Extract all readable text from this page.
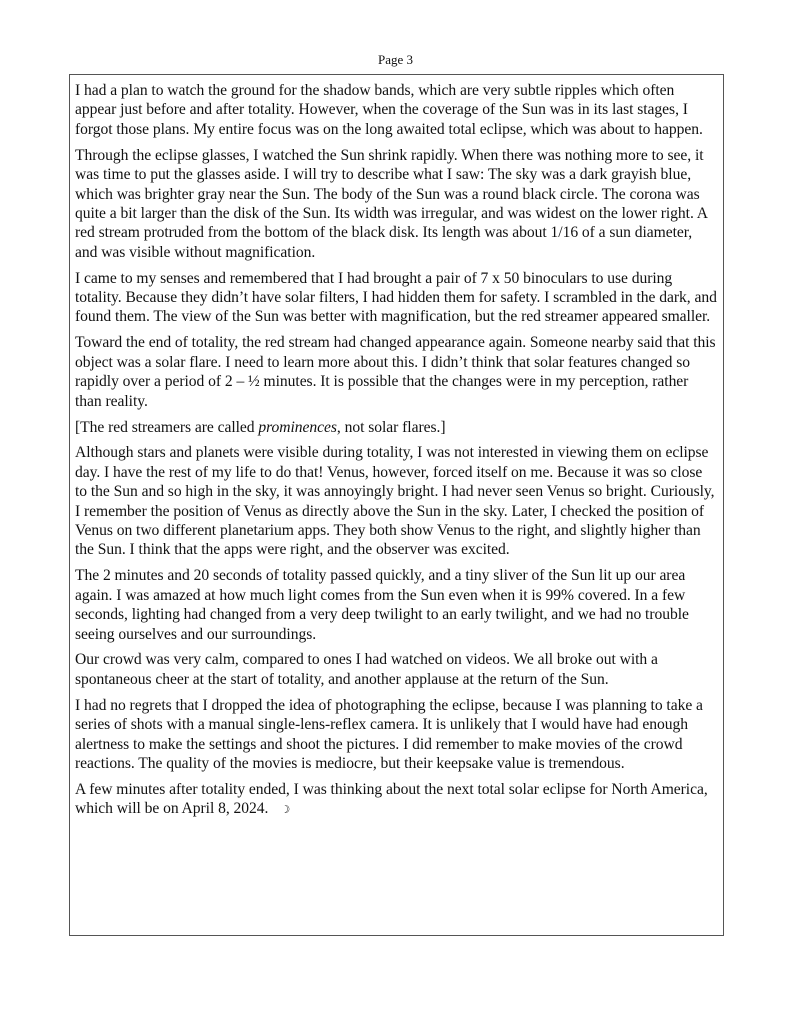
Page 3

I had a plan to watch the ground for the shadow bands, which are very subtle ripples which often appear just before and after totality. However, when the coverage of the Sun was in its last stages, I forgot those plans. My entire focus was on the long awaited total eclipse, which was about to happen.

Through the eclipse glasses, I watched the Sun shrink rapidly. When there was nothing more to see, it was time to put the glasses aside. I will try to describe what I saw: The sky was a dark grayish blue, which was brighter gray near the Sun. The body of the Sun was a round black circle. The corona was quite a bit larger than the disk of the Sun. Its width was irregular, and was widest on the lower right. A red stream protruded from the bottom of the black disk. Its length was about 1/16 of a sun diameter, and was visible without magnification.

I came to my senses and remembered that I had brought a pair of 7 x 50 binoculars to use during totality. Because they didn’t have solar filters, I had hidden them for safety. I scrambled in the dark, and found them. The view of the Sun was better with magnification, but the red streamer appeared smaller.

Toward the end of totality, the red stream had changed appearance again. Someone nearby said that this object was a solar flare. I need to learn more about this. I didn’t think that solar features changed so rapidly over a period of 2 – ½ minutes. It is possible that the changes were in my perception, rather than reality.

[The red streamers are called prominences, not solar flares.]

Although stars and planets were visible during totality, I was not interested in viewing them on eclipse day. I have the rest of my life to do that! Venus, however, forced itself on me. Because it was so close to the Sun and so high in the sky, it was annoyingly bright. I had never seen Venus so bright. Curiously, I remember the position of Venus as directly above the Sun in the sky. Later, I checked the position of Venus on two different planetarium apps. They both show Venus to the right, and slightly higher than the Sun. I think that the apps were right, and the observer was excited.

The 2 minutes and 20 seconds of totality passed quickly, and a tiny sliver of the Sun lit up our area again. I was amazed at how much light comes from the Sun even when it is 99% covered. In a few seconds, lighting had changed from a very deep twilight to an early twilight, and we had no trouble seeing ourselves and our surroundings.

Our crowd was very calm, compared to ones I had watched on videos. We all broke out with a spontaneous cheer at the start of totality, and another applause at the return of the Sun.

I had no regrets that I dropped the idea of photographing the eclipse, because I was planning to take a series of shots with a manual single-lens-reflex camera. It is unlikely that I would have had enough alertness to make the settings and shoot the pictures. I did remember to make movies of the crowd reactions. The quality of the movies is mediocre, but their keepsake value is tremendous.

A few minutes after totality ended, I was thinking about the next total solar eclipse for North America, which will be on April 8, 2024. ☽
